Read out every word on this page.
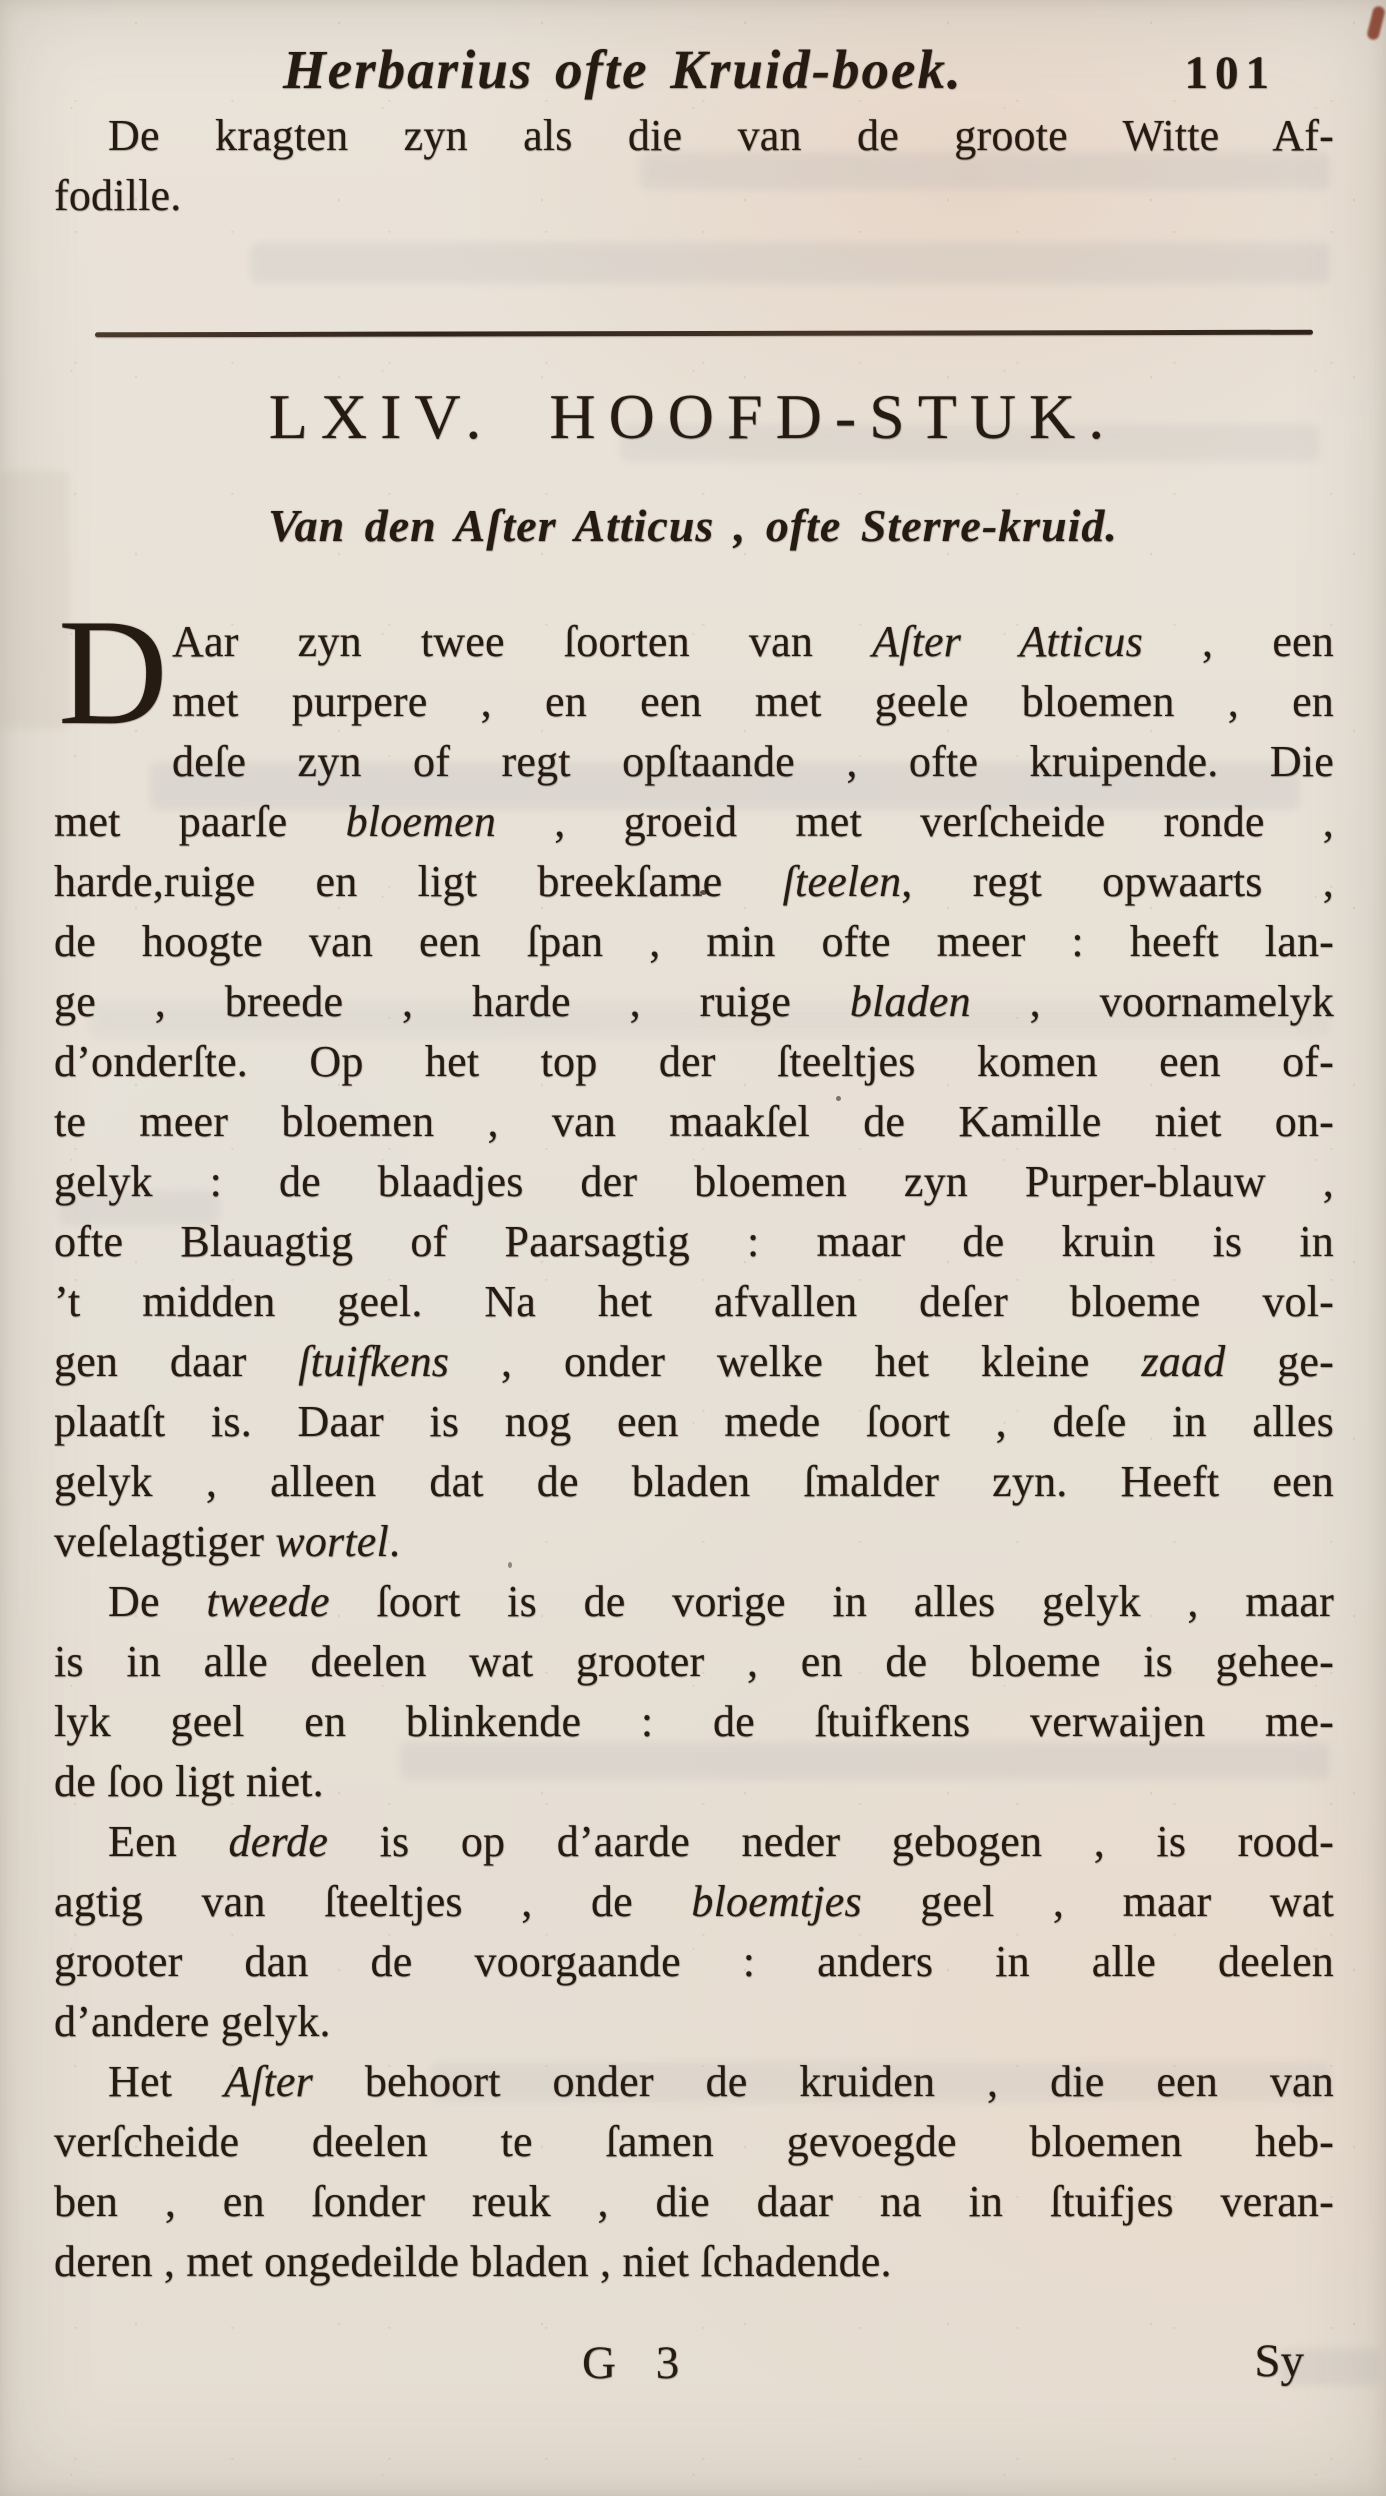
Herbarius ofte Kruid-boek.	101
De kragten zyn als die van de groote Witte Af-
fodille.
LXIV. HOOFD-STUK.
Van den Aſter Atticus , ofte Sterre-kruid.
D Aar zyn twee ſoorten van Aſter Atticus , een
met purpere , en een met geele bloemen , en
deſe zyn of regt opſtaande , ofte kruipende. Die
met paarſe bloemen , groeid met verſcheide ronde ,
harde,ruige en ligt breekſame ſteelen, regt opwaarts ,
de hoogte van een ſpan , min ofte meer : heeft lan-
ge , breede , harde , ruige bladen , voornamelyk
d’onderſte. Op het top der ſteeltjes komen een of-
te meer bloemen , van maakſel de Kamille niet on-
gelyk : de blaadjes der bloemen zyn Purper-blauw ,
ofte Blauagtig of Paarsagtig : maar de kruin is in
’t midden geel. Na het afvallen deſer bloeme vol-
gen daar ſtuifkens , onder welke het kleine zaad ge-
plaatſt is. Daar is nog een mede ſoort , deſe in alles
gelyk , alleen dat de bladen ſmalder zyn. Heeft een
veſelagtiger wortel.
De tweede ſoort is de vorige in alles gelyk , maar
is in alle deelen wat grooter , en de bloeme is gehee-
lyk geel en blinkende : de ſtuifkens verwaijen me-
de ſoo ligt niet.
Een derde is op d’aarde neder gebogen , is rood-
agtig van ſteeltjes , de bloemtjes geel , maar wat
grooter dan de voorgaande : anders in alle deelen
d’andere gelyk.
Het Aſter behoort onder de kruiden , die een van
verſcheide deelen te ſamen gevoegde bloemen heb-
ben , en ſonder reuk , die daar na in ſtuifjes veran-
deren , met ongedeilde bladen , niet ſchadende.
G 3	Sy
